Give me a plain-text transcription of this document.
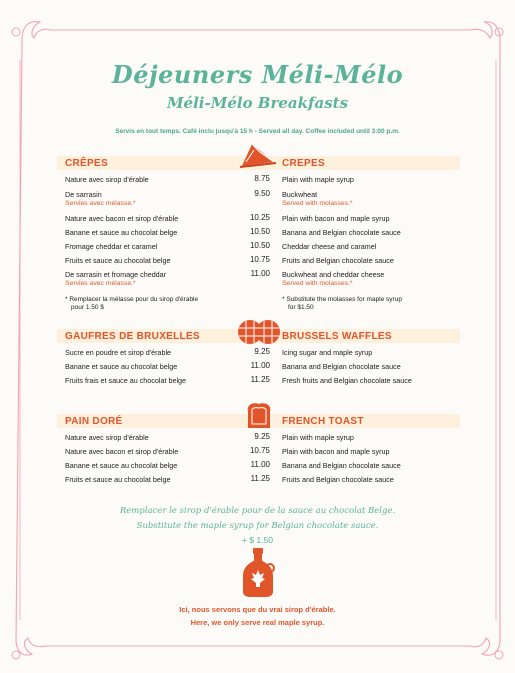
Déjeuners Méli-Mélo
Méli-Mélo Breakfasts
Servis en tout temps. Café inclu jusqu'à 15 h - Served all day. Coffee included until 3:00 p.m.
CRÊPES	CREPES
* Remplacer la mélasse pour du sirop d'érable
pour 1.50 $
* Substitute the molasses for maple syrup
for $1.50
GAUFRES DE BRUXELLES	BRUSSELS WAFFLES
PAIN DORÉ	FRENCH TOAST
Remplacer le sirop d'érable pour de la sauce au chocolat Belge.
Substitute the maple syrup for Belgian chocolate sauce.
+ $ 1.50
Ici, nous servons que du vrai sirop d'érable.
Here, we only serve real maple syrup.
Nature avec sirop d'érable	8.75 Plain with maple syrup
De sarrasin	9.50 Buckwheat
Servies avec mélasse.*	Served with molasses.*
Nature avec bacon et sirop d'érable	10.25 Plain with bacon and maple syrup
Banane et sauce au chocolat belge	10.50 Banana and Belgian chocolate sauce
Fromage cheddar et caramel	10.50 Cheddar cheese and caramel
Fruits et sauce au chocolat belge	10.75 Fruits and Belgian chocolate sauce
De sarrasin et fromage cheddar	11.00 Buckwheat and cheddar cheese
Servies avec mélasse.*	Served with molasses.*
Sucre en poudre et sirop d'érable	9.25 Icing sugar and maple syrup
Banane et sauce au chocolat belge	11.00 Banana and Belgian chocolate sauce
Fruits frais et sauce au chocolat belge	11.25 Fresh fruits and Belgian chocolate sauce
Nature avec sirop d'érable	9.25 Plain with maple syrup
Nature avec bacon et sirop d'érable	10.75 Plain with bacon and maple syrup
Banane et sauce au chocolat belge	11.00 Banana and Belgian chocolate sauce
Fruits et sauce au chocolat belge	11.25 Fruits and Belgian chocolate sauce
